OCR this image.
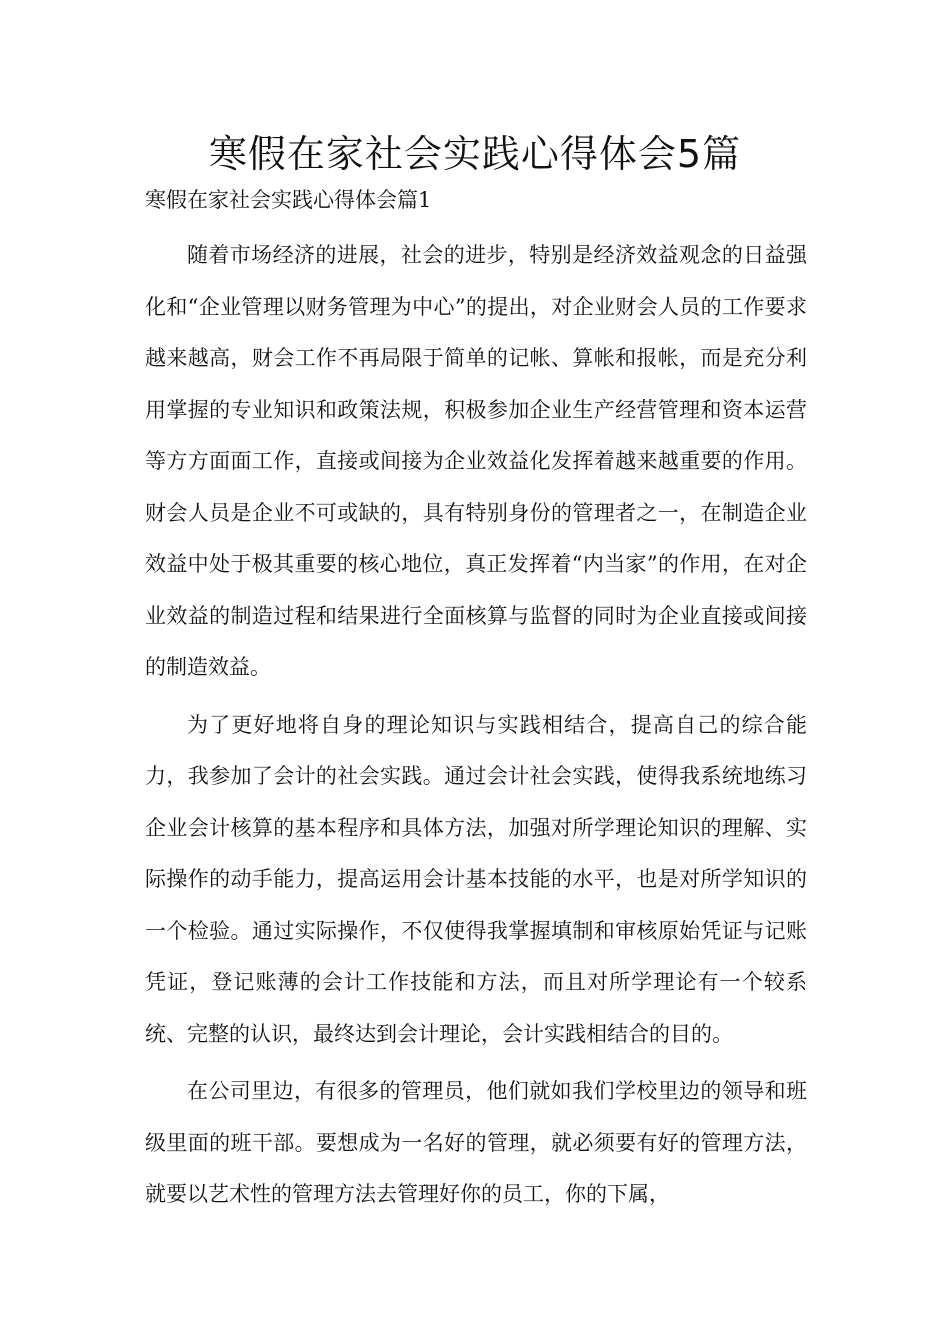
寒假在家社会实践心得体会5篇
寒假在家社会实践心得体会篇1

随着市场经济的进展，社会的进步，特别是经济效益观念的日益强化和“企业管理以财务管理为中心”的提出，对企业财会人员的工作要求越来越高，财会工作不再局限于简单的记帐、算帐和报帐，而是充分利用掌握的专业知识和政策法规，积极参加企业生产经营管理和资本运营等方方面面工作，直接或间接为企业效益化发挥着越来越重要的作用。财会人员是企业不可或缺的，具有特别身份的管理者之一，在制造企业效益中处于极其重要的核心地位，真正发挥着“内当家”的作用，在对企业效益的制造过程和结果进行全面核算与监督的同时为企业直接或间接的制造效益。

为了更好地将自身的理论知识与实践相结合，提高自己的综合能力，我参加了会计的社会实践。通过会计社会实践，使得我系统地练习企业会计核算的基本程序和具体方法，加强对所学理论知识的理解、实际操作的动手能力，提高运用会计基本技能的水平，也是对所学知识的一个检验。通过实际操作，不仅使得我掌握填制和审核原始凭证与记账凭证，登记账薄的会计工作技能和方法，而且对所学理论有一个较系统、完整的认识，最终达到会计理论，会计实践相结合的目的。

在公司里边，有很多的管理员，他们就如我们学校里边的领导和班级里面的班干部。要想成为一名好的管理，就必须要有好的管理方法，就要以艺术性的管理方法去管理好你的员工，你的下属，
